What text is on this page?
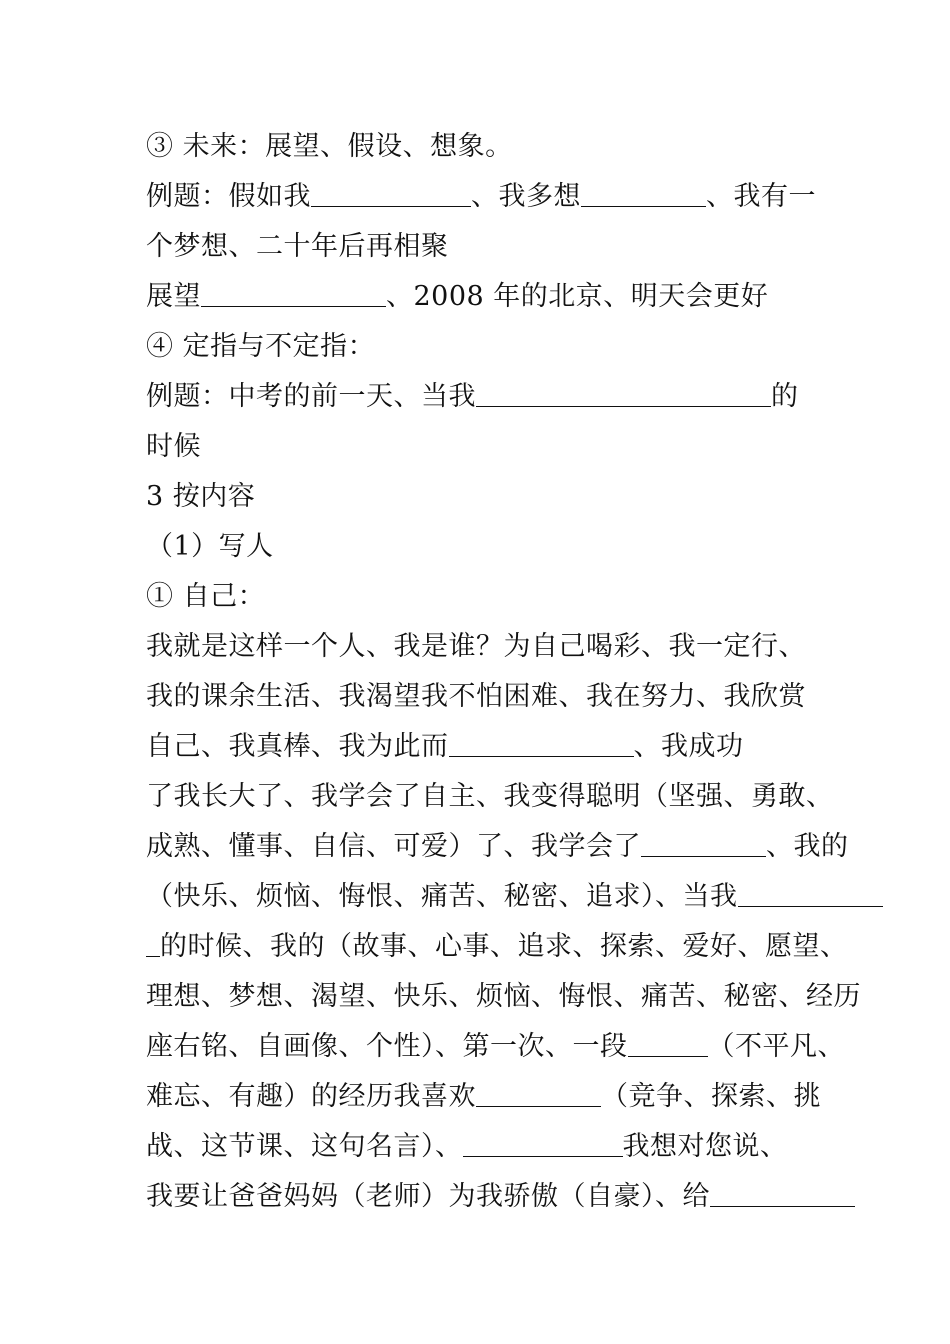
③ 未来：展望、假设、想象。
例题：假如我	、我多想	、我有一
个梦想、二十年后再相聚
展望	、2008 年的北京、明天会更好
④ 定指与不定指：
例题：中考的前一天、当我	的
时候
3 按内容
（1）写人
① 自己：
我就是这样一个人、我是谁？为自己喝彩、我一定行、
我的课余生活、我渴望我不怕困难、我在努力、我欣赏
自己、我真棒、我为此而	、我成功
了我长大了、我学会了自主、我变得聪明（坚强、勇敢、
成熟、懂事、自信、可爱）了、我学会了	、我的
（快乐、烦恼、悔恨、痛苦、秘密、追求）、当我
的时候、我的（故事、心事、追求、探索、爱好、愿望、
理想、梦想、渴望、快乐、烦恼、悔恨、痛苦、秘密、经历
座右铭、自画像、个性）、第一次、一段	（不平凡、
难忘、有趣）的经历我喜欢	（竞争、探索、挑
战、这节课、这句名言）、	我想对您说、
我要让爸爸妈妈（老师）为我骄傲（自豪）、给
